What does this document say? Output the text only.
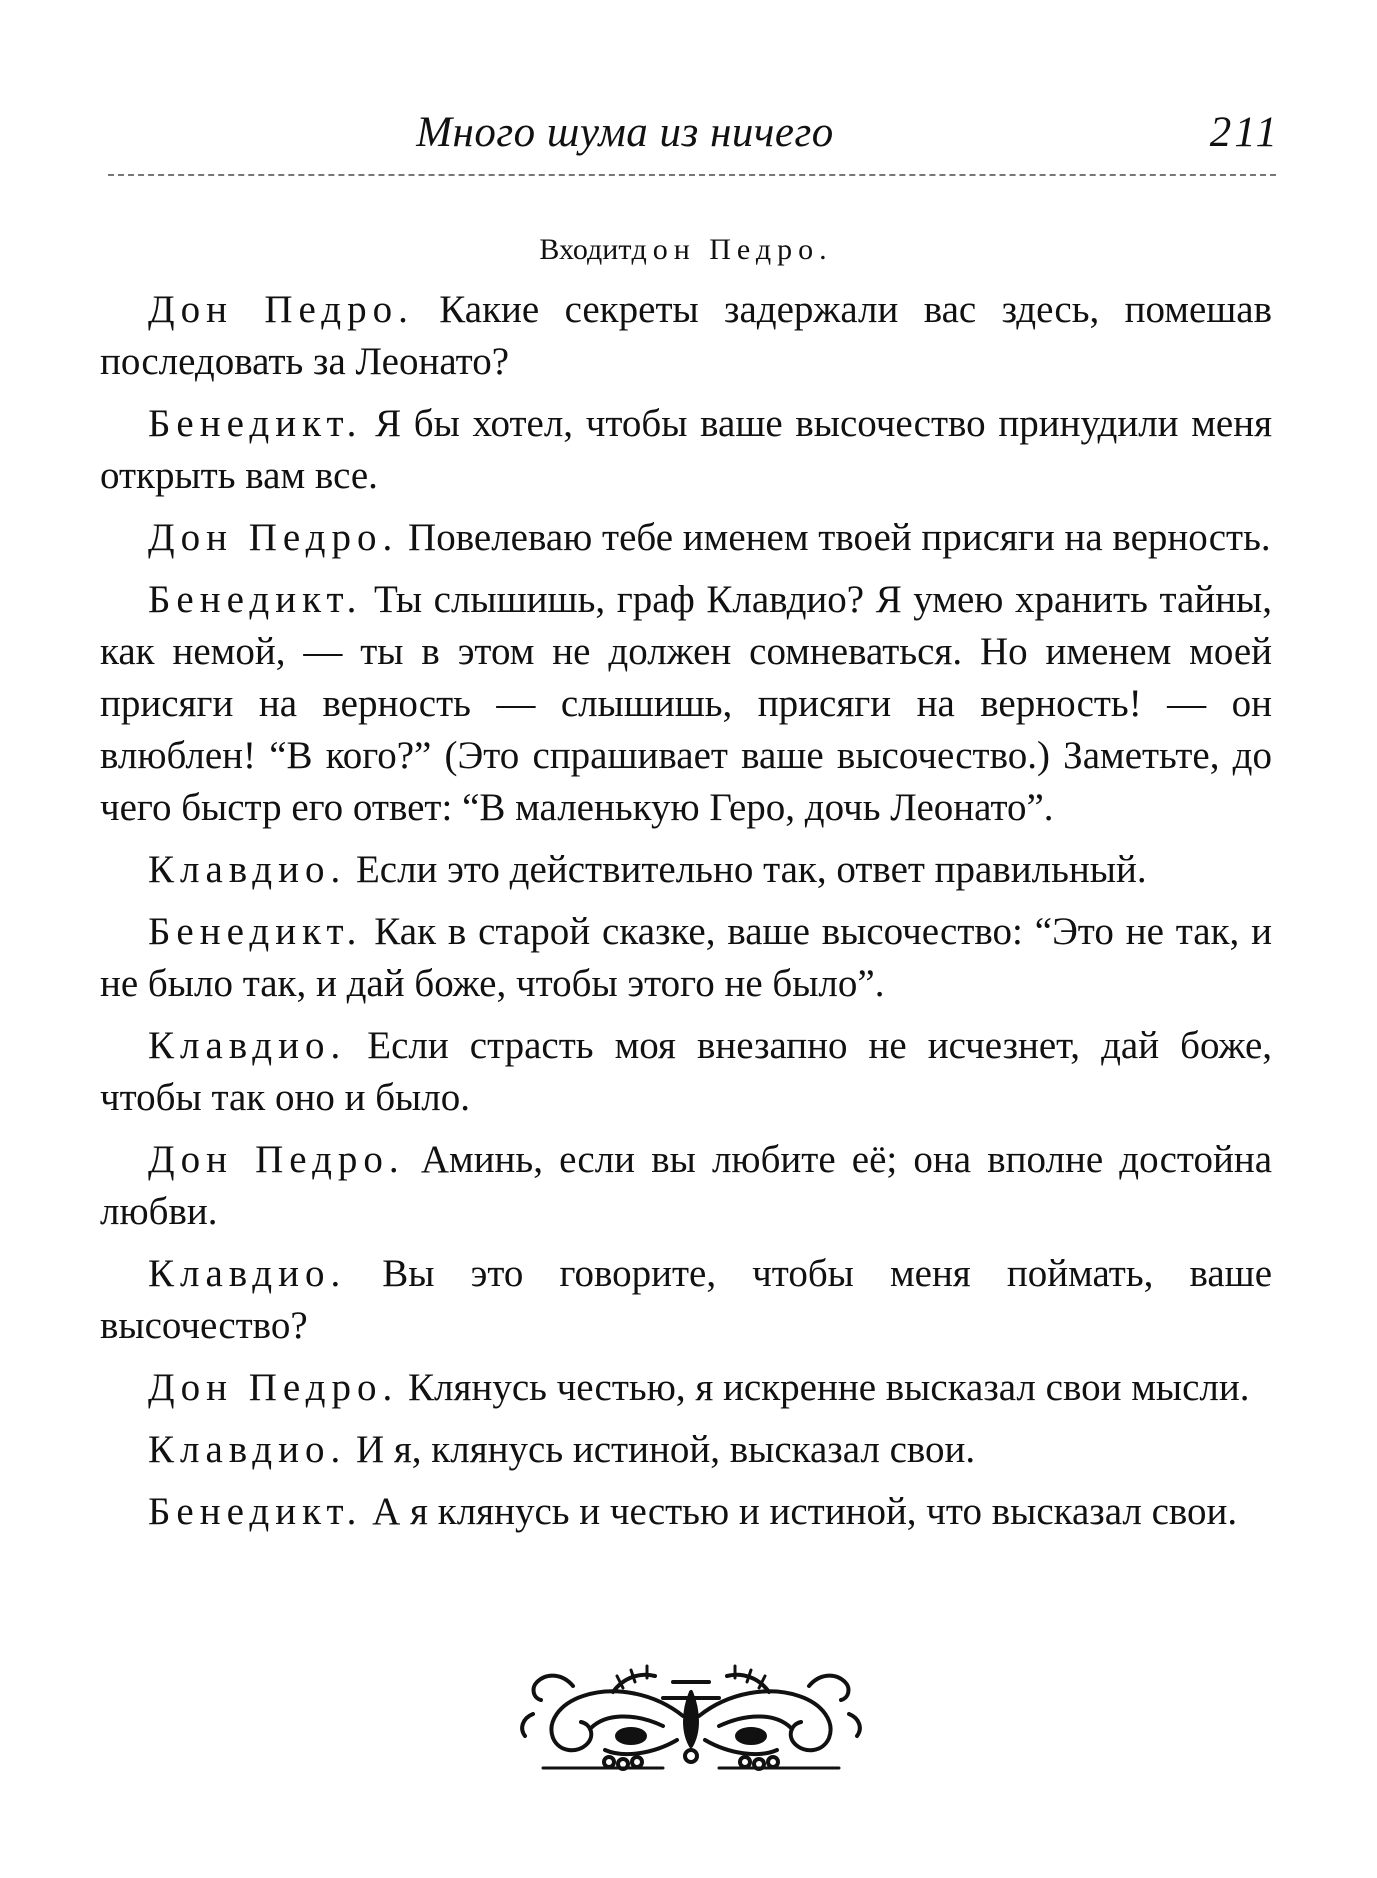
Много шума из ничего	211

Входитдон Педро.

Дон Педро. Какие секреты задержали вас здесь, помешав последовать за Леонато?

Бенедикт. Я бы хотел, чтобы ваше высочество принудили меня открыть вам все.

Дон Педро. Повелеваю тебе именем твоей присяги на верность.

Бенедикт. Ты слышишь, граф Клавдио? Я умею хранить тайны, как немой, — ты в этом не должен сомневаться. Но именем моей присяги на верность — слышишь, присяги на верность! — он влюблен! “В кого?” (Это спрашивает ваше высочество.) Заметьте, до чего быстр его ответ: “В маленькую Геро, дочь Леонато”.

Клавдио. Если это действительно так, ответ правильный.

Бенедикт. Как в старой сказке, ваше высочество: “Это не так, и не было так, и дай боже, чтобы этого не было”.

Клавдио. Если страсть моя внезапно не исчезнет, дай боже, чтобы так оно и было.

Дон Педро. Аминь, если вы любите её; она вполне достойна любви.

Клавдио. Вы это говорите, чтобы меня поймать, ваше высочество?

Дон Педро. Клянусь честью, я искренне высказал свои мысли.

Клавдио. И я, клянусь истиной, высказал свои.

Бенедикт. А я клянусь и честью и истиной, что высказал свои.
